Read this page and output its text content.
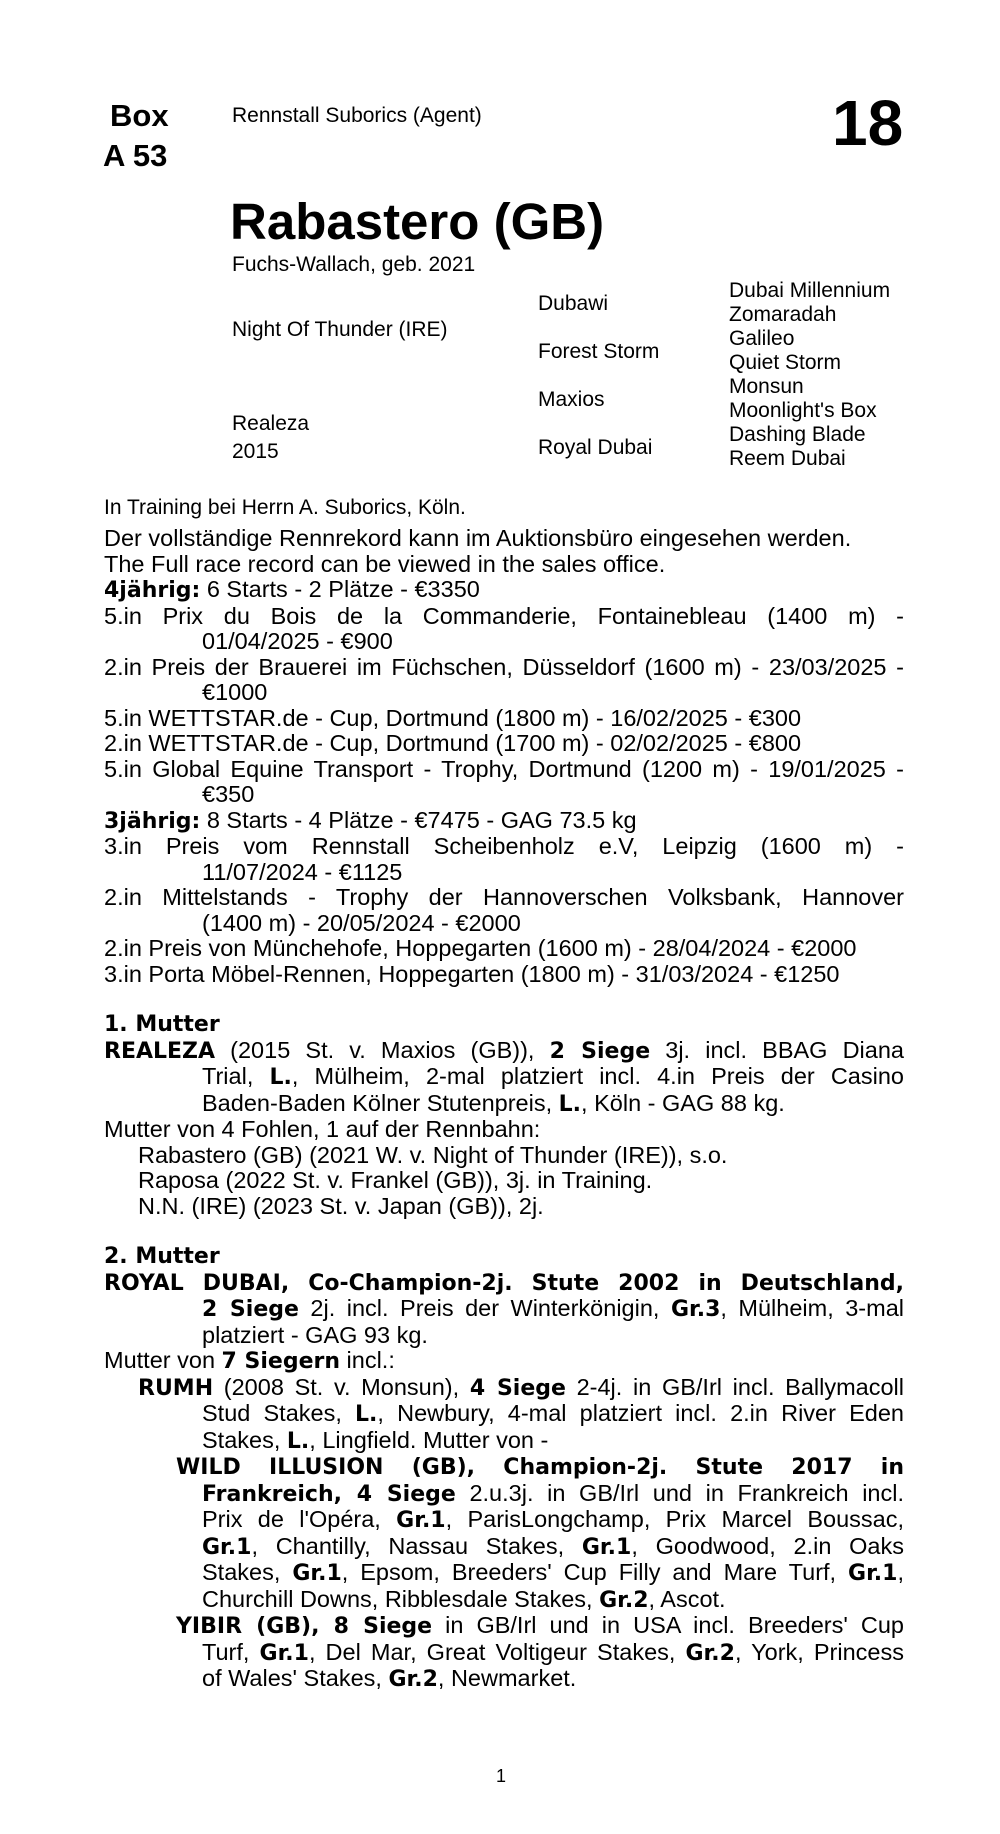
Box
A 53
Rennstall Suborics (Agent)	18
Rabastero (GB)
Fuchs-Wallach, geb. 2021
Night Of Thunder (IRE)
Realeza
2015
Dubawi
Forest Storm
Maxios
Royal Dubai
Dubai Millennium
Zomaradah
Galileo
Quiet Storm
Monsun
Moonlight's Box
Dashing Blade
Reem Dubai
In Training bei Herrn A. Suborics, Köln.
Der vollständige Rennrekord kann im Auktionsbüro eingesehen werden.
The Full race record can be viewed in the sales office.
4jährig: 6 Starts - 2 Plätze - €3350
5.in Prix du Bois de la Commanderie, Fontainebleau (1400 m) -
01/04/2025 - €900
2.in Preis der Brauerei im Füchschen, Düsseldorf (1600 m) - 23/03/2025 -
€1000
5.in WETTSTAR.de - Cup, Dortmund (1800 m) - 16/02/2025 - €300
2.in WETTSTAR.de - Cup, Dortmund (1700 m) - 02/02/2025 - €800
5.in Global Equine Transport - Trophy, Dortmund (1200 m) - 19/01/2025 -
€350
3jährig: 8 Starts - 4 Plätze - €7475 - GAG 73.5 kg
3.in Preis vom Rennstall Scheibenholz e.V, Leipzig (1600 m) -
11/07/2024 - €1125
2.in Mittelstands - Trophy der Hannoverschen Volksbank, Hannover
(1400 m) - 20/05/2024 - €2000
2.in Preis von Münchehofe, Hoppegarten (1600 m) - 28/04/2024 - €2000
3.in Porta Möbel-Rennen, Hoppegarten (1800 m) - 31/03/2024 - €1250
1. Mutter
REALEZA (2015 St. v. Maxios (GB)), 2 Siege 3j. incl. BBAG Diana
Trial, L., Mülheim, 2-mal platziert incl. 4.in Preis der Casino
Baden-Baden Kölner Stutenpreis, L., Köln - GAG 88 kg.
Mutter von 4 Fohlen, 1 auf der Rennbahn:
Rabastero (GB) (2021 W. v. Night of Thunder (IRE)), s.o.
Raposa (2022 St. v. Frankel (GB)), 3j. in Training.
N.N. (IRE) (2023 St. v. Japan (GB)), 2j.
2. Mutter
ROYAL DUBAI, Co-Champion-2j. Stute 2002 in Deutschland,
2 Siege 2j. incl. Preis der Winterkönigin, Gr.3, Mülheim, 3-mal
platziert - GAG 93 kg.
Mutter von 7 Siegern incl.:
RUMH (2008 St. v. Monsun), 4 Siege 2-4j. in GB/Irl incl. Ballymacoll
Stud Stakes, L., Newbury, 4-mal platziert incl. 2.in River Eden
Stakes, L., Lingfield. Mutter von -
WILD ILLUSION (GB), Champion-2j. Stute 2017 in
Frankreich, 4 Siege 2.u.3j. in GB/Irl und in Frankreich incl.
Prix de l'Opéra, Gr.1, ParisLongchamp, Prix Marcel Boussac,
Gr.1, Chantilly, Nassau Stakes, Gr.1, Goodwood, 2.in Oaks
Stakes, Gr.1, Epsom, Breeders' Cup Filly and Mare Turf, Gr.1,
Churchill Downs, Ribblesdale Stakes, Gr.2, Ascot.
YIBIR (GB), 8 Siege in GB/Irl und in USA incl. Breeders' Cup
Turf, Gr.1, Del Mar, Great Voltigeur Stakes, Gr.2, York, Princess
of Wales' Stakes, Gr.2, Newmarket.
1
